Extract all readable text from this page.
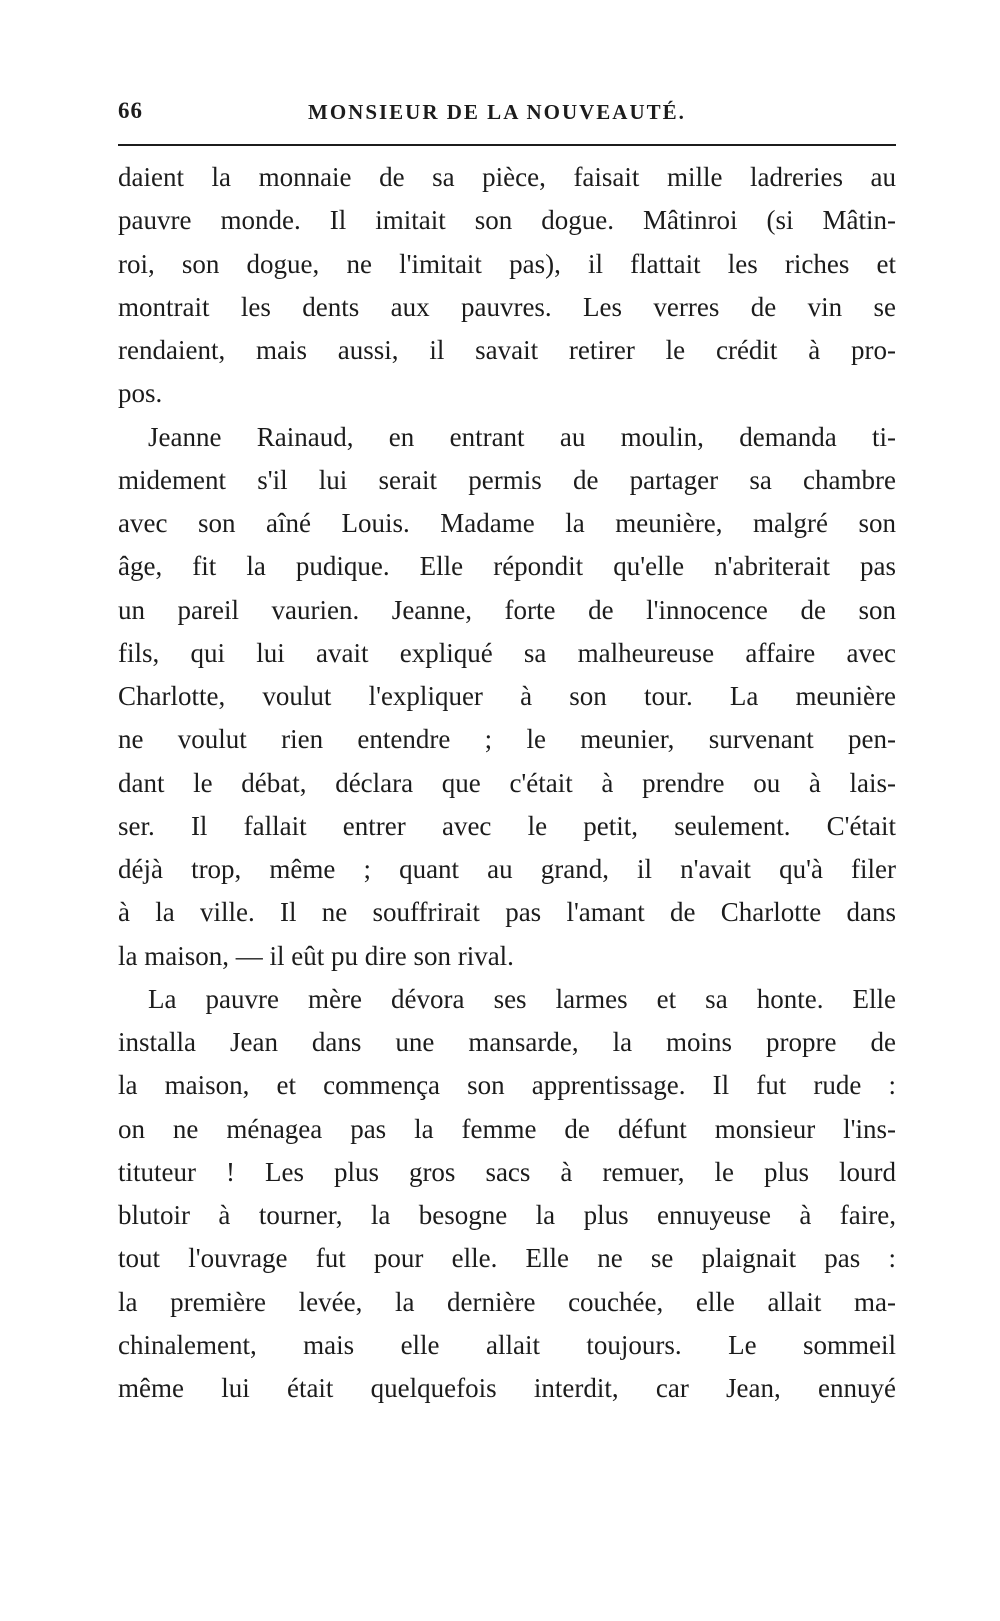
66	MONSIEUR DE LA NOUVEAUTÉ.
daient la monnaie de sa pièce, faisait mille ladreries au
pauvre monde. Il imitait son dogue. Mâtinroi (si Mâtin-
roi, son dogue, ne l'imitait pas), il flattait les riches et
montrait les dents aux pauvres. Les verres de vin se
rendaient, mais aussi, il savait retirer le crédit à pro-
pos.
Jeanne Rainaud, en entrant au moulin, demanda ti-
midement s'il lui serait permis de partager sa chambre
avec son aîné Louis. Madame la meunière, malgré son
âge, fit la pudique. Elle répondit qu'elle n'abriterait pas
un pareil vaurien. Jeanne, forte de l'innocence de son
fils, qui lui avait expliqué sa malheureuse affaire avec
Charlotte, voulut l'expliquer à son tour. La meunière
ne voulut rien entendre ; le meunier, survenant pen-
dant le débat, déclara que c'était à prendre ou à lais-
ser. Il fallait entrer avec le petit, seulement. C'était
déjà trop, même ; quant au grand, il n'avait qu'à filer
à la ville. Il ne souffrirait pas l'amant de Charlotte dans
la maison, — il eût pu dire son rival.
La pauvre mère dévora ses larmes et sa honte. Elle
installa Jean dans une mansarde, la moins propre de
la maison, et commença son apprentissage. Il fut rude :
on ne ménagea pas la femme de défunt monsieur l'ins-
tituteur ! Les plus gros sacs à remuer, le plus lourd
blutoir à tourner, la besogne la plus ennuyeuse à faire,
tout l'ouvrage fut pour elle. Elle ne se plaignait pas :
la première levée, la dernière couchée, elle allait ma-
chinalement, mais elle allait toujours. Le sommeil
même lui était quelquefois interdit, car Jean, ennuyé
